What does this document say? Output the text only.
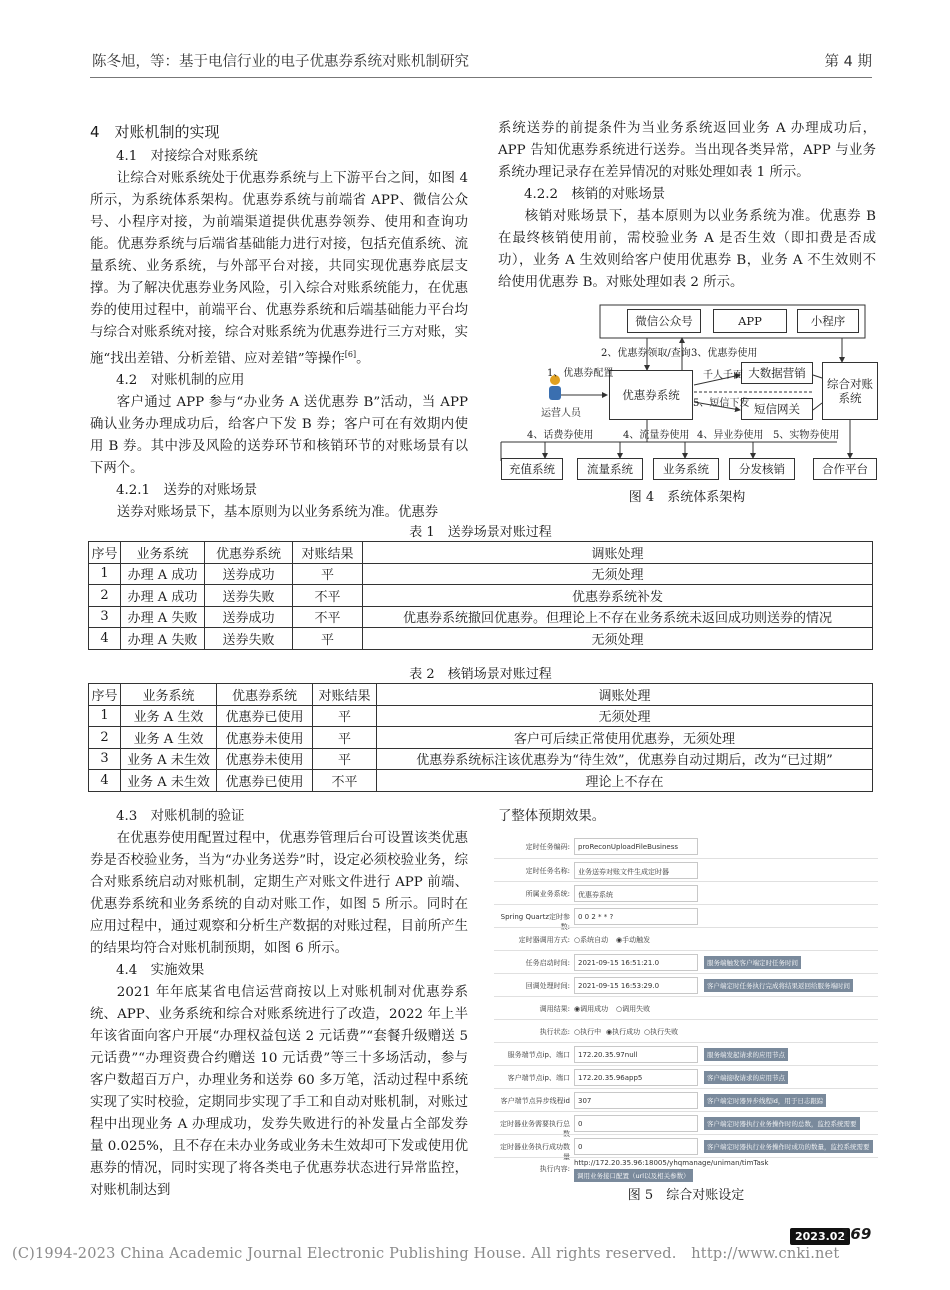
陈冬旭，等：基于电信行业的电子优惠券系统对账机制研究	第 4 期
4　对账机制的实现

4.1　对接综合对账系统

让综合对账系统处于优惠券系统与上下游平台之间，如图 4 所示，为系统体系架构。优惠券系统与前端省 APP、微信公众号、小程序对接，为前端渠道提供优惠券领券、使用和查询功能。优惠券系统与后端省基础能力进行对接，包括充值系统、流量系统、业务系统，与外部平台对接，共同实现优惠券底层支撑。为了解决优惠券业务风险，引入综合对账系统能力，在优惠券的使用过程中，前端平台、优惠券系统和后端基础能力平台均与综合对账系统对接，综合对账系统为优惠券进行三方对账，实施“找出差错、分析差错、应对差错”等操作[6]。

4.2　对账机制的应用

客户通过 APP 参与“办业务 A 送优惠券 B”活动，当 APP 确认业务办理成功后，给客户下发 B 券；客户可在有效期内使用 B 券。其中涉及风险的送券环节和核销环节的对账场景有以下两个。

4.2.1　送券的对账场景

送券对账场景下，基本原则为以业务系统为准。优惠券

系统送券的前提条件为当业务系统返回业务 A 办理成功后，APP 告知优惠券系统进行送券。当出现各类异常，APP 与业务系统办理记录存在差异情况的对账处理如表 1 所示。

4.2.2　核销的对账场景

核销对账场景下，基本原则为以业务系统为准。优惠券 B 在最终核销使用前，需校验业务 A 是否生效（即扣费是否成功），业务 A 生效则给客户使用优惠券 B，业务 A 不生效则不给使用优惠券 B。对账处理如表 2 所示。

微信公众号	APP	小程序
优惠券系统
大数据营销
短信网关
综合对账系统
充值系统	流量系统	业务系统	分发核销	合作平台
1、优惠券配置
运营人员
2、优惠券领取/查询 3、优惠券使用
千人千面
5、短信下发
4、话费券使用	4、流量券使用 4、异业券使用 5、实物券使用
图 4　系统体系架构
表 1　送券场景对账过程
序号	业务系统	优惠券系统	对账结果	调账处理
1	办理 A 成功	送券成功	平	无须处理
2	办理 A 成功	送券失败	不平	优惠券系统补发
3	办理 A 失败	送券成功	不平	优惠券系统撤回优惠券。但理论上不存在业务系统未返回成功则送券的情况
4	办理 A 失败	送券失败	平	无须处理
表 2　核销场景对账过程
序号	业务系统	优惠券系统	对账结果	调账处理
1	业务 A 生效	优惠券已使用	平	无须处理
2	业务 A 生效	优惠券未使用	平	客户可后续正常使用优惠券，无须处理
3	业务 A 未生效	优惠券未使用	平	优惠券系统标注该优惠券为“待生效”，优惠券自动过期后，改为“已过期”
4	业务 A 未生效	优惠券已使用	不平	理论上不存在

4.3　对账机制的验证

在优惠券使用配置过程中，优惠券管理后台可设置该类优惠券是否校验业务，当为“办业务送券”时，设定必须校验业务，综合对账系统启动对账机制，定期生产对账文件进行 APP 前端、优惠券系统和业务系统的自动对账工作，如图 5 所示。同时在应用过程中，通过观察和分析生产数据的对账过程，目前所产生的结果均符合对账机制预期，如图 6 所示。

4.4　实施效果

2021 年年底某省电信运营商按以上对账机制对优惠券系统、APP、业务系统和综合对账系统进行了改造，2022 年上半年该省面向客户开展“办理权益包送 2 元话费”“套餐升级赠送 5 元话费”“办理资费合约赠送 10 元话费”等三十多场活动，参与客户数超百万户，办理业务和送券 60 多万笔，活动过程中系统实现了实时校验，定期同步实现了手工和自动对账机制，对账过程中出现业务 A 办理成功，发券失败进行的补发量占全部发券量 0.025%，且不存在未办业务或业务未生效却可下发或使用优惠券的情况，同时实现了将各类电子优惠券状态进行异常监控，对账机制达到

了整体预期效果。

定时任务编码:	proReconUploadFileBusiness
定时任务名称:	业务送券对账文件生成定时器
所属业务系统:	优惠券系统
Spring Quartz定时参数:
0 0 2 * * ?
定时器调用方式: ○系统自动 ◉手动触发
任务启动时间:	2021-09-15 16:51:21.0	服务端触发客户端定时任务时间
回调处理时间:	2021-09-15 16:53:29.0	客户端定时任务执行完成将结果返回给服务端时间
调用结果: ◉调用成功 ○调用失败
执行状态: ○执行中 ◉执行成功 ○执行失败
服务端节点ip、端口	172.20.35.97null	服务端发起请求的应用节点
客户端节点ip、端口	172.20.35.96app5	客户端接收请求的应用节点
客户端节点异步线程id	307	客户端定时器异步线程id，用于日志跟踪
定时器业务需要执行总数
0	客户端定时器执行业务操作时的总数，监控系统需要
定时器业务执行成功数量
0	客户端定时器执行业务操作时成功的数量，监控系统需要
执行内容:
http://172.20.35.96:18005/yhqmanage/uniman/timTask
调用业务接口配置（url以及相关参数）
图 5　综合对账设定
2023.02
169
(C)1994-2023 China Academic Journal Electronic Publishing House. All rights reserved.　http://www.cnki.net
